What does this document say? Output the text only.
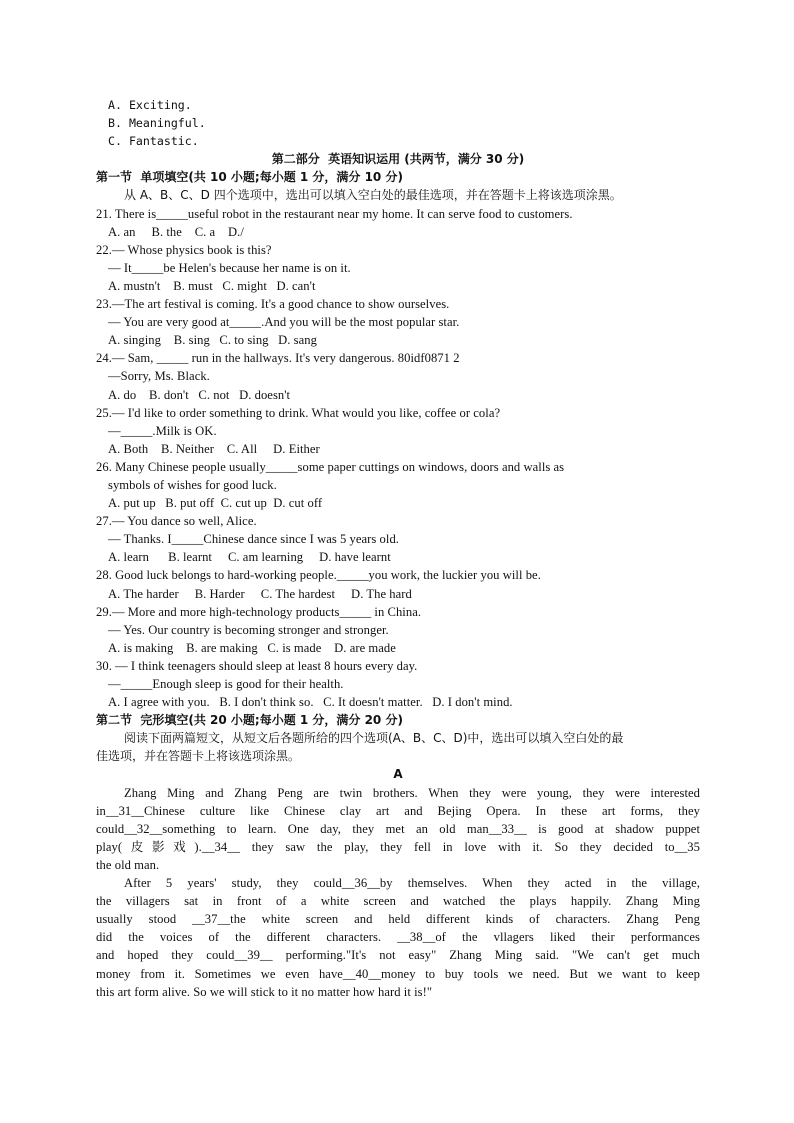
A. Exciting.
B. Meaningful.
C. Fantastic.
第二部分  英语知识运用 (共两节，满分 30 分)
第一节  单项填空(共 10 小题;每小题 1 分，满分 10 分)
从 A、B、C、D 四个选项中，选出可以填入空白处的最佳选项，并在答题卡上将该选项涂黑。
21. There is_____useful robot in the restaurant near my home. It can serve food to customers.
A. an     B. the    C. a    D./
22.— Whose physics book is this?
— It_____be Helen's because her name is on it.
A. mustn't    B. must   C. might   D. can't
23.—The art festival is coming. It's a good chance to show ourselves.
— You are very good at_____.And you will be the most popular star.
A. singing    B. sing   C. to sing   D. sang
24.— Sam, _____ run in the hallways. It's very dangerous. 80idf0871 2
—Sorry, Ms. Black.
A. do    B. don't   C. not   D. doesn't
25.— I'd like to order something to drink. What would you like, coffee or cola?
—_____.Milk is OK.
A. Both    B. Neither    C. All     D. Either
26. Many Chinese people usually_____some paper cuttings on windows, doors and walls as
symbols of wishes for good luck.
A. put up   B. put off  C. cut up  D. cut off
27.— You dance so well, Alice.
— Thanks. I_____Chinese dance since I was 5 years old.
A. learn      B. learnt     C. am learning     D. have learnt
28. Good luck belongs to hard-working people._____you work, the luckier you will be.
A. The harder     B. Harder     C. The hardest     D. The hard
29.— More and more high-technology products_____ in China.
— Yes. Our country is becoming stronger and stronger.
A. is making    B. are making   C. is made    D. are made
30. — I think teenagers should sleep at least 8 hours every day.
—_____Enough sleep is good for their health.
A. I agree with you.   B. I don't think so.   C. It doesn't matter.   D. I don't mind.
第二节  完形填空(共 20 小题;每小题 1 分，满分 20 分)
阅读下面两篇短文，从短文后各题所给的四个选项(A、B、C、D)中，选出可以填入空白处的最
佳选项，并在答题卡上将该选项涂黑。
A
Zhang Ming and Zhang Peng are twin brothers. When they were young, they were interested
in__31__Chinese culture like Chinese clay art and Bejing Opera. In these art forms, they
could__32__something to learn. One day, they met an old man__33__ is good at shadow puppet
play(皮影戏).__34__ they saw the play, they fell in love with it. So they decided to__35
the old man.
After 5 years' study, they could__36__by themselves. When they acted in the village,
the villagers sat in front of a white screen and watched the plays happily. Zhang Ming
usually stood __37__the white screen and held different kinds of characters. Zhang Peng
did the voices of the different characters. __38__of the vllagers liked their performances
and hoped they could__39__ performing."It's not easy" Zhang Ming said. "We can't get much
money from it. Sometimes we even have__40__money to buy tools we need. But we want to keep
this art form alive. So we will stick to it no matter how hard it is!"
